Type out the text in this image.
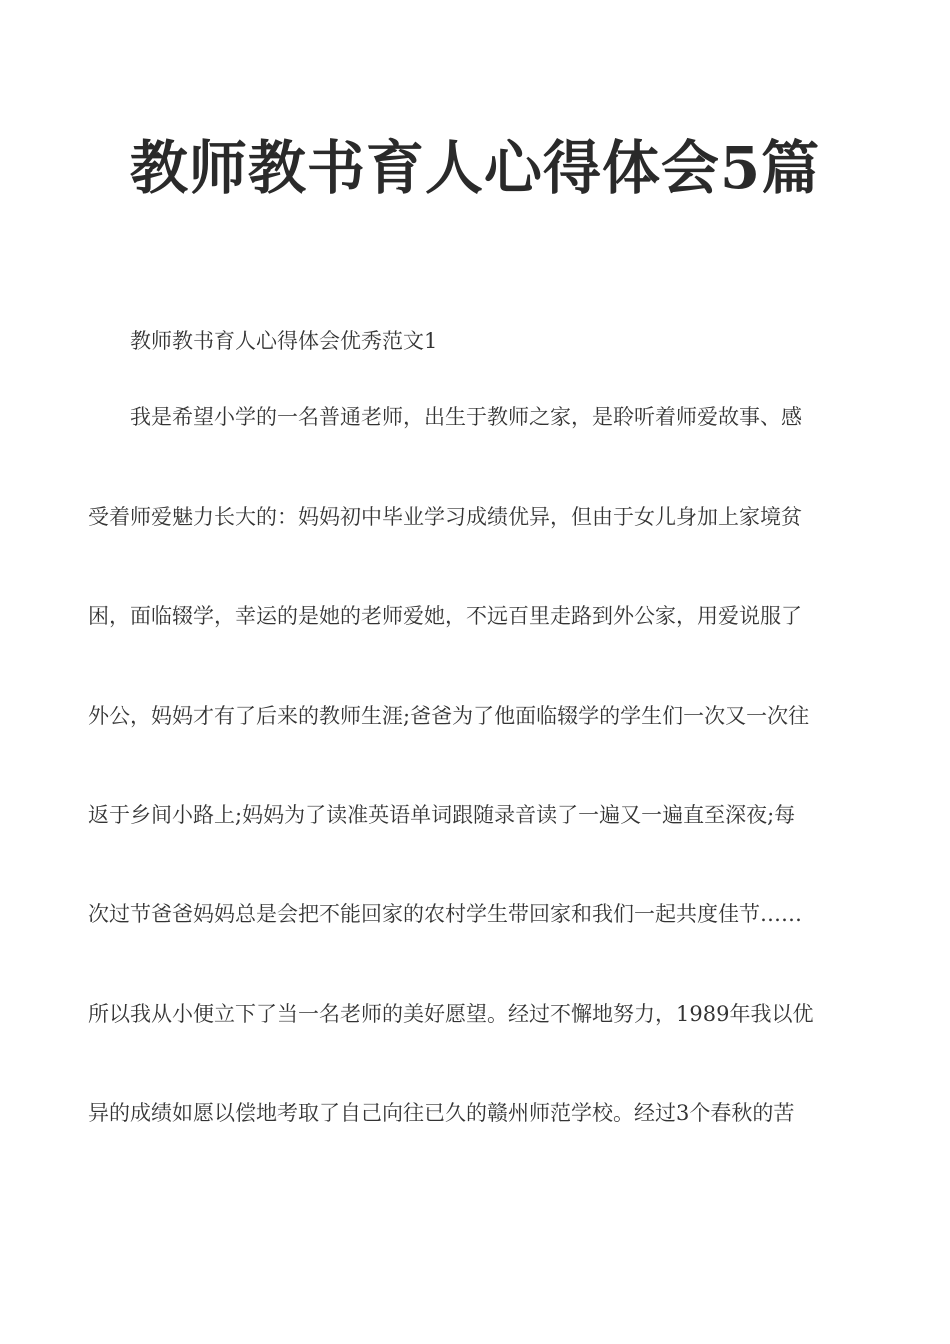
教师教书育人心得体会5篇
教师教书育人心得体会优秀范文1
我是希望小学的一名普通老师，出生于教师之家，是聆听着师爱故事、感
受着师爱魅力长大的：妈妈初中毕业学习成绩优异，但由于女儿身加上家境贫
困，面临辍学，幸运的是她的老师爱她，不远百里走路到外公家，用爱说服了
外公，妈妈才有了后来的教师生涯;爸爸为了他面临辍学的学生们一次又一次往
返于乡间小路上;妈妈为了读准英语单词跟随录音读了一遍又一遍直至深夜;每
次过节爸爸妈妈总是会把不能回家的农村学生带回家和我们一起共度佳节……
所以我从小便立下了当一名老师的美好愿望。经过不懈地努力，1989年我以优
异的成绩如愿以偿地考取了自己向往已久的赣州师范学校。经过3个春秋的苦
